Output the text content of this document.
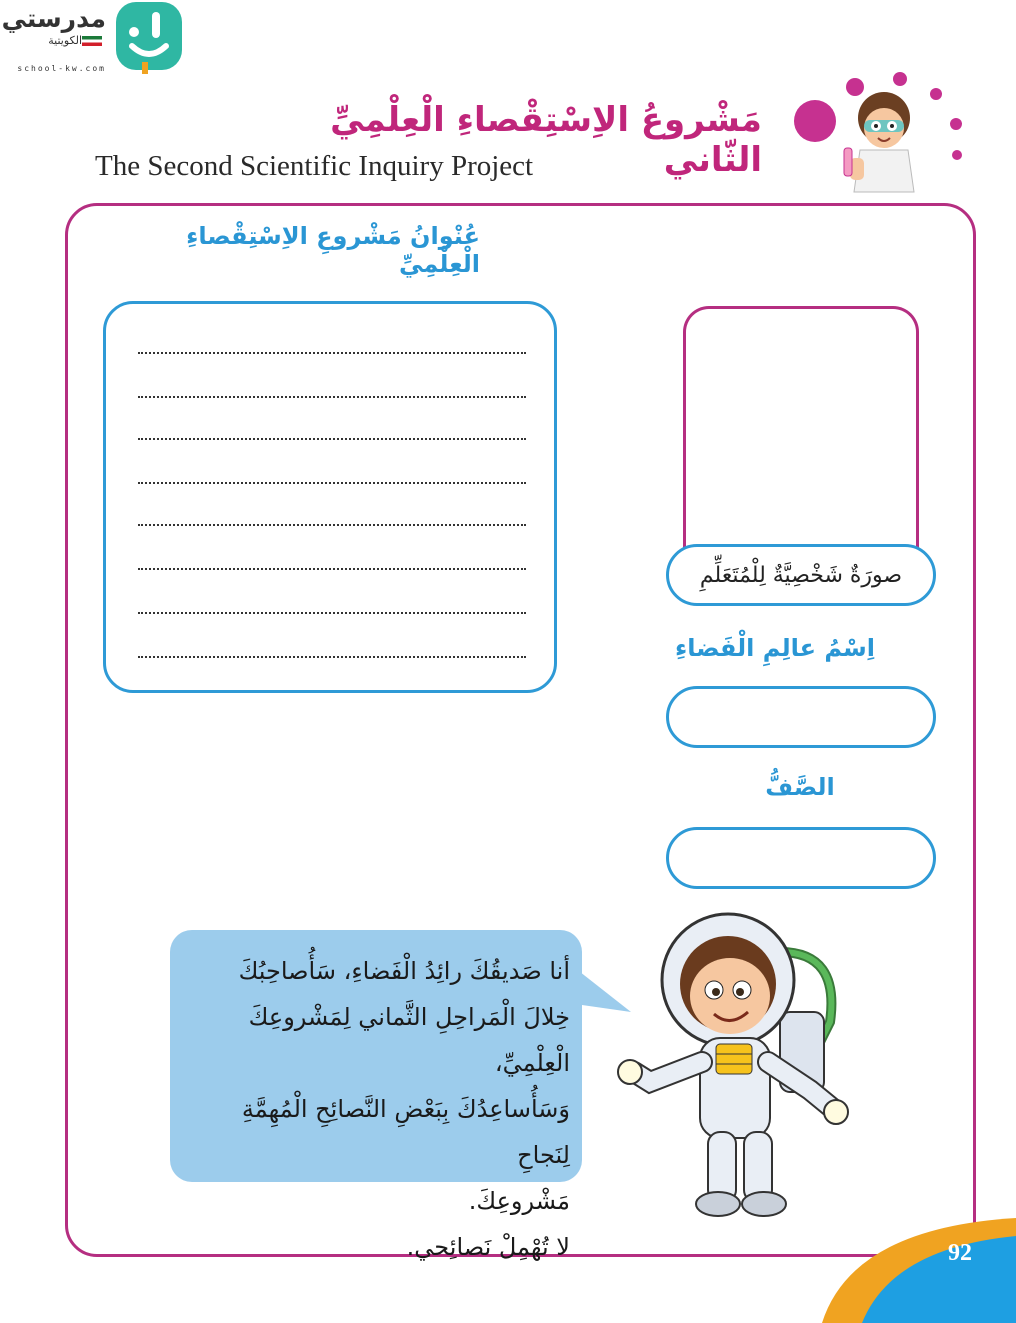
مدرستي
الكويتية
school-kw.com
مَشْروعُ الاِسْتِقْصاءِ الْعِلْمِيِّ الثّاني
The Second Scientific Inquiry Project
عُنْوانُ مَشْروعِ الاِسْتِقْصاءِ الْعِلْمِيِّ
صورَةٌ شَخْصِيَّةٌ لِلْمُتَعَلِّمِ
اِسْمُ عالِمِ الْفَضاءِ
الصَّفُّ

أنا صَديقُكَ رائِدُ الْفَضاءِ، سَأُصاحِبُكَ

خِلالَ الْمَراحِلِ الثَّماني لِمَشْروعِكَ الْعِلْمِيِّ،

وَسَأُساعِدُكَ بِبَعْضِ النَّصائِحِ الْمُهِمَّةِ لِنَجاحِ

مَشْروعِكَ.

لا تُهْمِلْ نَصائِحي.	92
